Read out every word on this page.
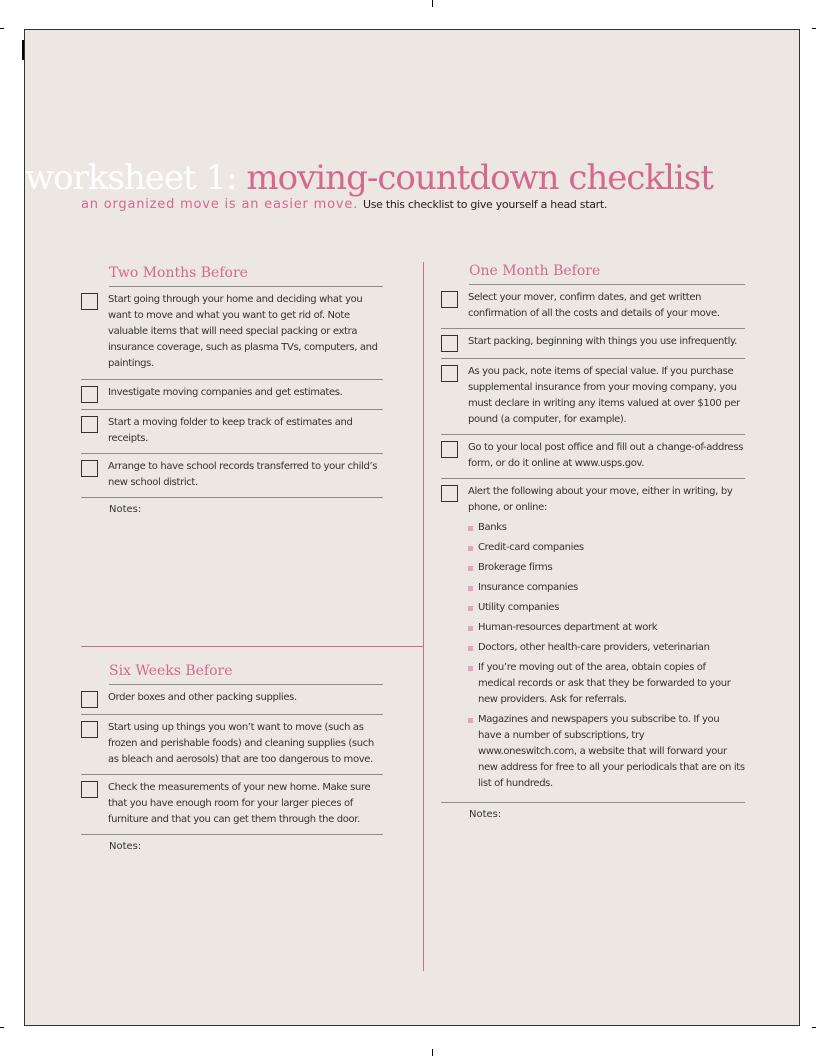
worksheet 1: moving-countdown checklist
an organized move is an easier move. Use this checklist to give yourself a head start.
Two Months Before
Start going through your home and deciding what you want to move and what you want to get rid of. Note valuable items that will need special packing or extra insurance coverage, such as plasma TVs, computers, and paintings.
Investigate moving companies and get estimates.
Start a moving folder to keep track of estimates and receipts.
Arrange to have school records transferred to your child’s new school district.
Notes:
Six Weeks Before
Order boxes and other packing supplies.
Start using up things you won’t want to move (such as frozen and perishable foods) and cleaning supplies (such as bleach and aerosols) that are too dangerous to move.
Check the measurements of your new home. Make sure that you have enough room for your larger pieces of furniture and that you can get them through the door.
Notes:
One Month Before
Select your mover, confirm dates, and get written confirmation of all the costs and details of your move.
Start packing, beginning with things you use infrequently.
As you pack, note items of special value. If you purchase supplemental insurance from your moving company, you must declare in writing any items valued at over $100 per pound (a computer, for example).
Go to your local post office and fill out a change-of-address form, or do it online at www.usps.gov.
Alert the following about your move, either in writing, by phone, or online:
Banks
Credit-card companies
Brokerage firms
Insurance companies
Utility companies
Human-resources department at work
Doctors, other health-care providers, veterinarian
If you’re moving out of the area, obtain copies of medical records or ask that they be forwarded to your new providers. Ask for referrals.
Magazines and newspapers you subscribe to. If you have a number of subscriptions, try www.oneswitch.com, a website that will forward your new address for free to all your periodicals that are on its list of hundreds.
Notes:
